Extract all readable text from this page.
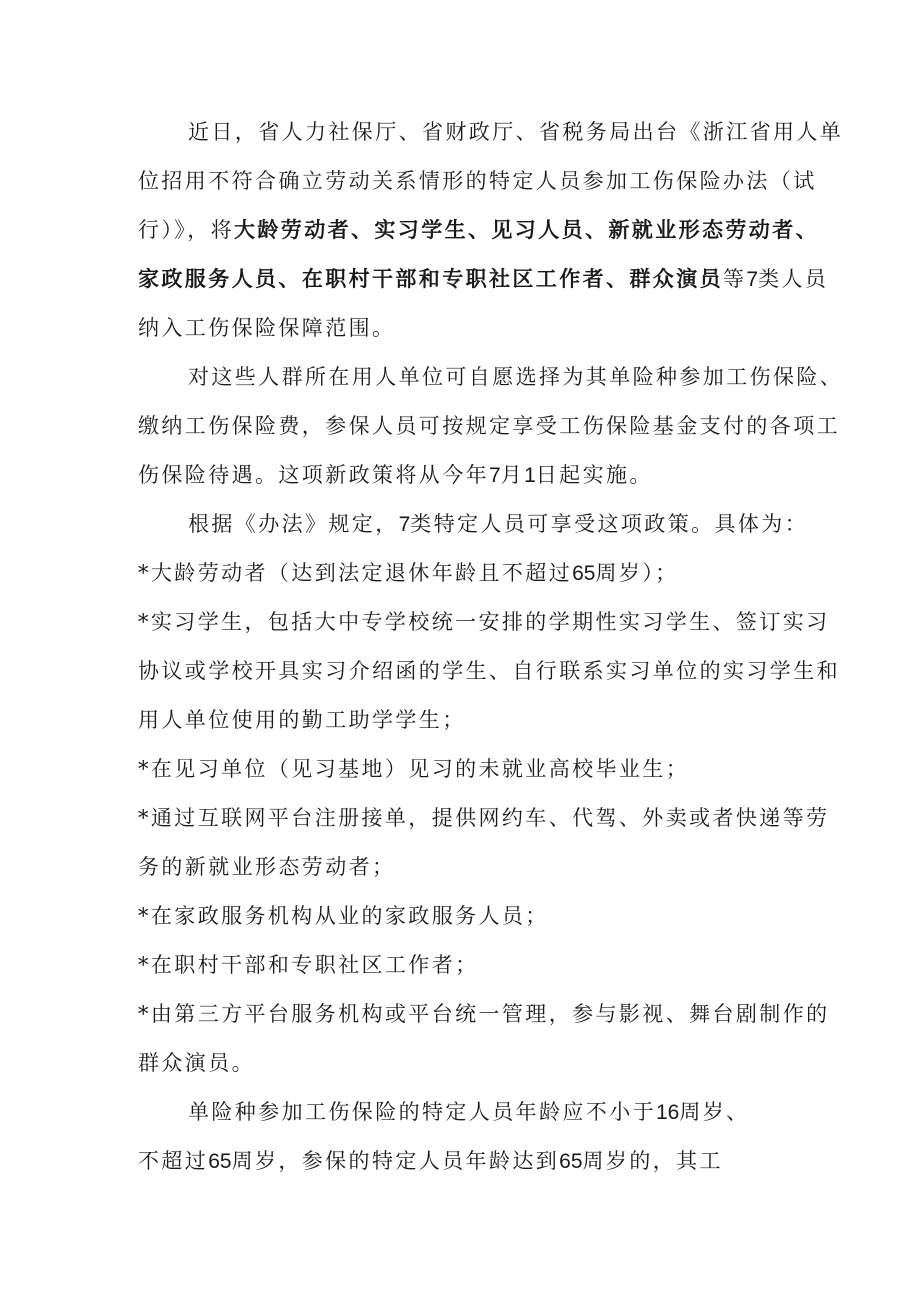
近日，省人力社保厅、省财政厅、省税务局出台《浙江省用人单
位招用不符合确立劳动关系情形的特定人员参加工伤保险办法（试
行）》，将大龄劳动者、实习学生、见习人员、新就业形态劳动者、
家政服务人员、在职村干部和专职社区工作者、群众演员等7类人员
纳入工伤保险保障范围。
对这些人群所在用人单位可自愿选择为其单险种参加工伤保险、
缴纳工伤保险费，参保人员可按规定享受工伤保险基金支付的各项工
伤保险待遇。这项新政策将从今年7月1日起实施。
根据《办法》规定，7类特定人员可享受这项政策。具体为：
*大龄劳动者（达到法定退休年龄且不超过65周岁）；
*实习学生，包括大中专学校统一安排的学期性实习学生、签订实习
协议或学校开具实习介绍函的学生、自行联系实习单位的实习学生和
用人单位使用的勤工助学学生；
*在见习单位（见习基地）见习的未就业高校毕业生；
*通过互联网平台注册接单，提供网约车、代驾、外卖或者快递等劳
务的新就业形态劳动者；
*在家政服务机构从业的家政服务人员；
*在职村干部和专职社区工作者；
*由第三方平台服务机构或平台统一管理，参与影视、舞台剧制作的
群众演员。
单险种参加工伤保险的特定人员年龄应不小于16周岁、
不超过65周岁，参保的特定人员年龄达到65周岁的，其工
